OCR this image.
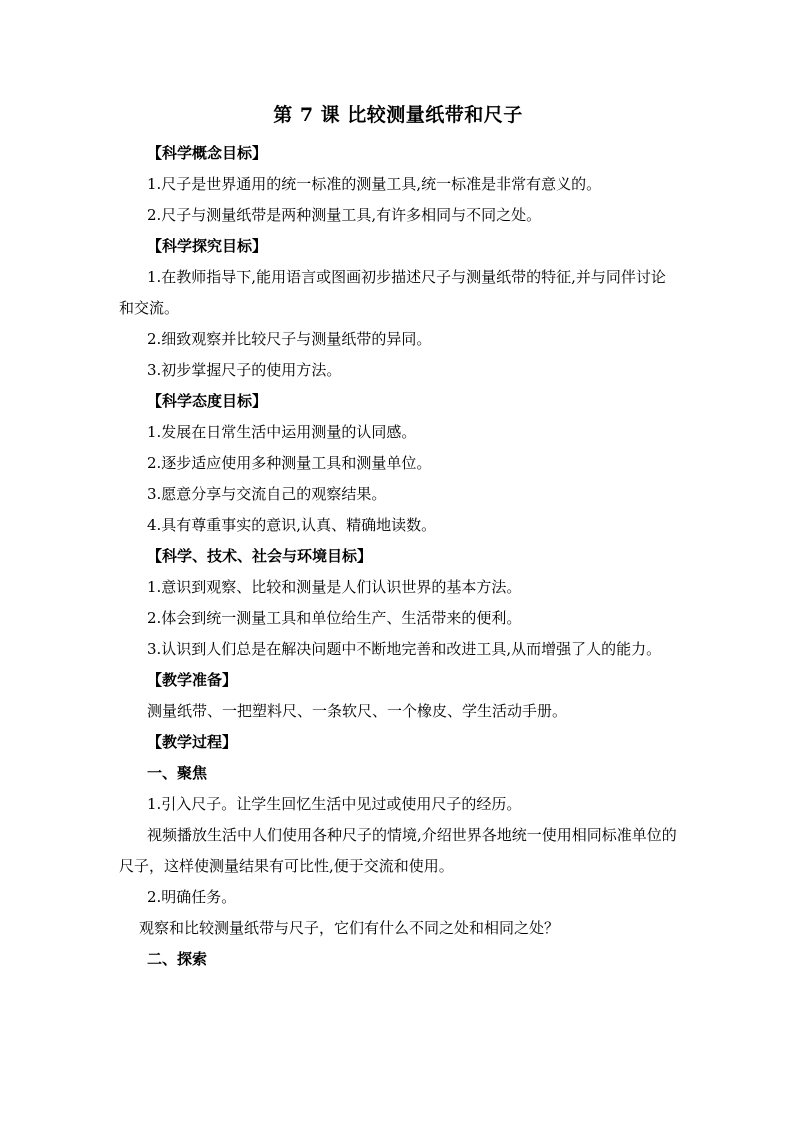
第 7 课 比较测量纸带和尺子

【科学概念目标】

1.尺子是世界通用的统一标准的测量工具,统一标准是非常有意义的。

2.尺子与测量纸带是两种测量工具,有许多相同与不同之处。

【科学探究目标】

1.在教师指导下,能用语言或图画初步描述尺子与测量纸带的特征,并与同伴讨论和交流。

2.细致观察并比较尺子与测量纸带的异同。

3.初步掌握尺子的使用方法。

【科学态度目标】

1.发展在日常生活中运用测量的认同感。

2.逐步适应使用多种测量工具和测量单位。

3.愿意分享与交流自己的观察结果。

4.具有尊重事实的意识,认真、精确地读数。

【科学、技术、社会与环境目标】

1.意识到观察、比较和测量是人们认识世界的基本方法。

2.体会到统一测量工具和单位给生产、生活带来的便利。

3.认识到人们总是在解决问题中不断地完善和改进工具,从而增强了人的能力。

【教学准备】

测量纸带、一把塑料尺、一条软尺、一个橡皮、学生活动手册。

【教学过程】

一、聚焦

1.引入尺子。让学生回忆生活中见过或使用尺子的经历。

视频播放生活中人们使用各种尺子的情境,介绍世界各地统一使用相同标准单位的尺子，这样使测量结果有可比性,便于交流和使用。

2.明确任务。

观察和比较测量纸带与尺子，它们有什么不同之处和相同之处？

二、探索
